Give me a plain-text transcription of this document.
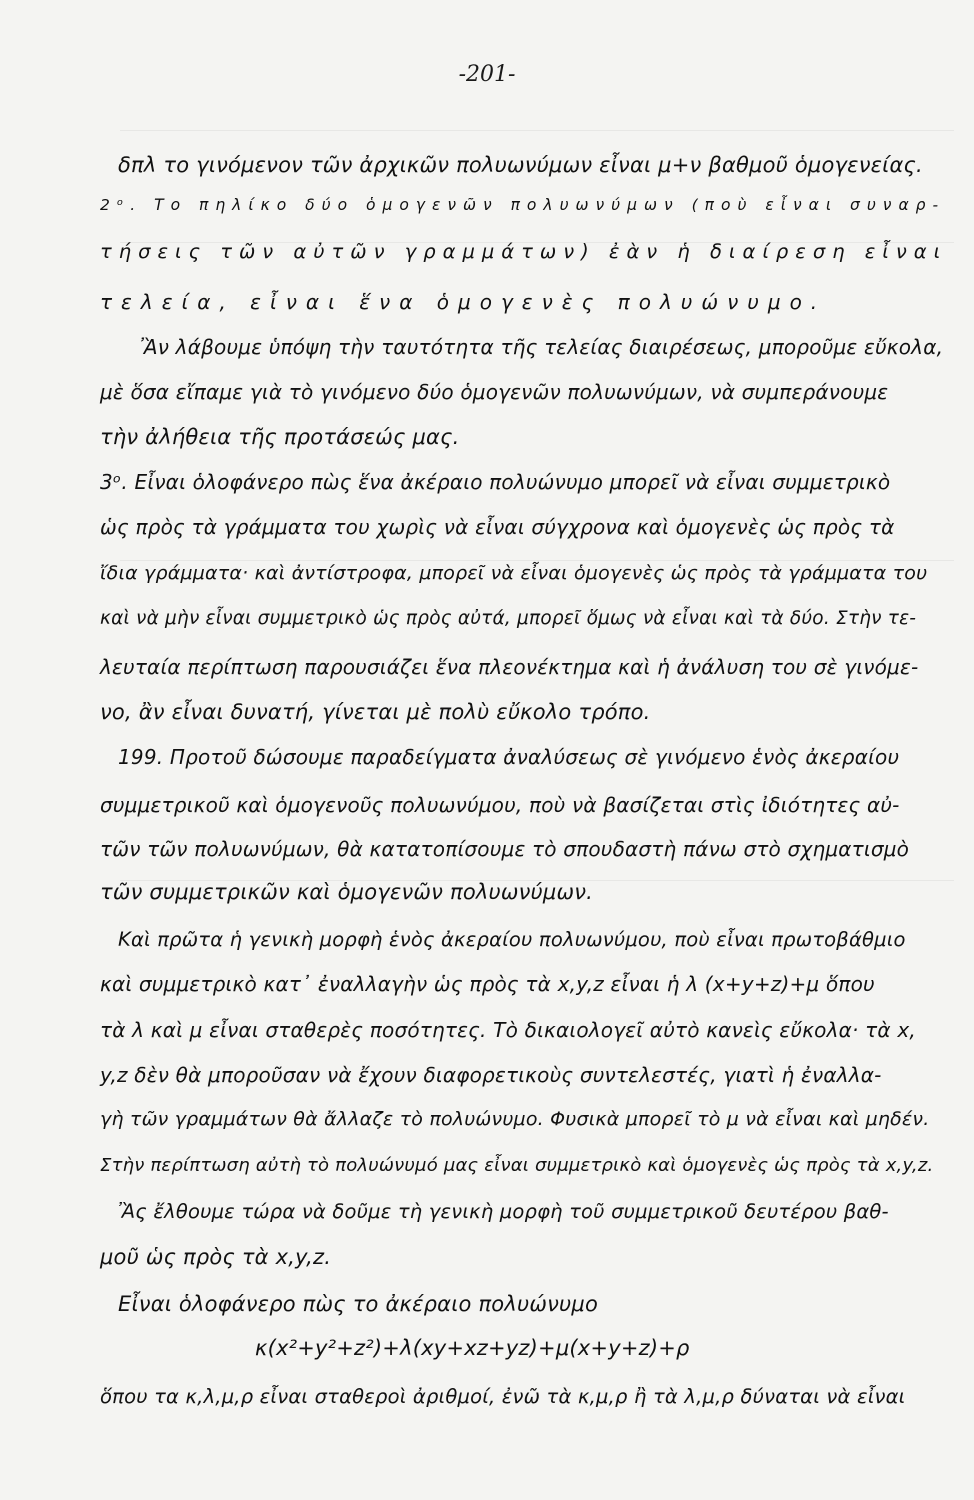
-201-
δπλ το γινόμενον τῶν ἀρχικῶν πολυωνύμων εἶναι μ+ν βαθμοῦ ὁμογενείας.
2ᵒ. Το πηλίκο δύο ὁμογενῶν πολυωνύμων (ποὺ εἶναι συναρ-
τήσεις τῶν αὐτῶν γραμμάτων) ἐὰν ἡ διαίρεση εἶναι
τελεία, εἶναι ἕνα ὁμογενὲς πολυώνυμο.
Ἂν λάβουμε ὑπόψη τὴν ταυτότητα τῆς τελείας διαιρέσεως, μποροῦμε εὔκολα,
μὲ ὅσα εἴπαμε γιὰ τὸ γινόμενο δύο ὁμογενῶν πολυωνύμων, νὰ συμπεράνουμε
τὴν ἀλήθεια τῆς προτάσεώς μας.
3ᵒ. Εἶναι ὁλοφάνερο πὼς ἕνα ἀκέραιο πολυώνυμο μπορεῖ νὰ εἶναι συμμετρικὸ
ὡς πρὸς τὰ γράμματα του χωρὶς νὰ εἶναι σύγχρονα καὶ ὁμογενὲς ὡς πρὸς τὰ
ἴδια γράμματα· καὶ ἀντίστροφα, μπορεῖ νὰ εἶναι ὁμογενὲς ὡς πρὸς τὰ γράμματα του
καὶ νὰ μὴν εἶναι συμμετρικὸ ὡς πρὸς αὐτά, μπορεῖ ὅμως νὰ εἶναι καὶ τὰ δύο. Στὴν τε-
λευταία περίπτωση παρουσιάζει ἕνα πλεονέκτημα καὶ ἡ ἀνάλυση του σὲ γινόμε-
νο, ἂν εἶναι δυνατή, γίνεται μὲ πολὺ εὔκολο τρόπο.
199. Προτοῦ δώσουμε παραδείγματα ἀναλύσεως σὲ γινόμενο ἑνὸς ἀκεραίου
συμμετρικοῦ καὶ ὁμογενοῦς πολυωνύμου, ποὺ νὰ βασίζεται στὶς ἰδιότητες αὐ-
τῶν τῶν πολυωνύμων, θὰ κατατοπίσουμε τὸ σπουδαστὴ πάνω στὸ σχηματισμὸ
τῶν συμμετρικῶν καὶ ὁμογενῶν πολυωνύμων.
Καὶ πρῶτα ἡ γενικὴ μορφὴ ἑνὸς ἀκεραίου πολυωνύμου, ποὺ εἶναι πρωτοβάθμιο
καὶ συμμετρικὸ κατ᾽ ἐναλλαγὴν ὡς πρὸς τὰ x,y,z εἶναι ἡ λ (x+y+z)+μ ὅπου
τὰ λ καὶ μ εἶναι σταθερὲς ποσότητες. Τὸ δικαιολογεῖ αὐτὸ κανεὶς εὔκολα· τὰ x,
y,z δὲν θὰ μποροῦσαν νὰ ἔχουν διαφορετικοὺς συντελεστές, γιατὶ ἡ ἐναλλα-
γὴ τῶν γραμμάτων θὰ ἄλλαζε τὸ πολυώνυμο. Φυσικὰ μπορεῖ τὸ μ νὰ εἶναι καὶ μηδέν.
Στὴν περίπτωση αὐτὴ τὸ πολυώνυμό μας εἶναι συμμετρικὸ καὶ ὁμογενὲς ὡς πρὸς τὰ x,y,z.
Ἂς ἔλθουμε τώρα νὰ δοῦμε τὴ γενικὴ μορφὴ τοῦ συμμετρικοῦ δευτέρου βαθ-
μοῦ ὡς πρὸς τὰ x,y,z.
Εἶναι ὁλοφάνερο πὼς το ἀκέραιο πολυώνυμο
κ(x²+y²+z²)+λ(xy+xz+yz)+μ(x+y+z)+ρ
ὅπου τα κ,λ,μ,ρ εἶναι σταθεροὶ ἀριθμοί, ἐνῶ τὰ κ,μ,ρ ἢ τὰ λ,μ,ρ δύναται νὰ εἶναι
